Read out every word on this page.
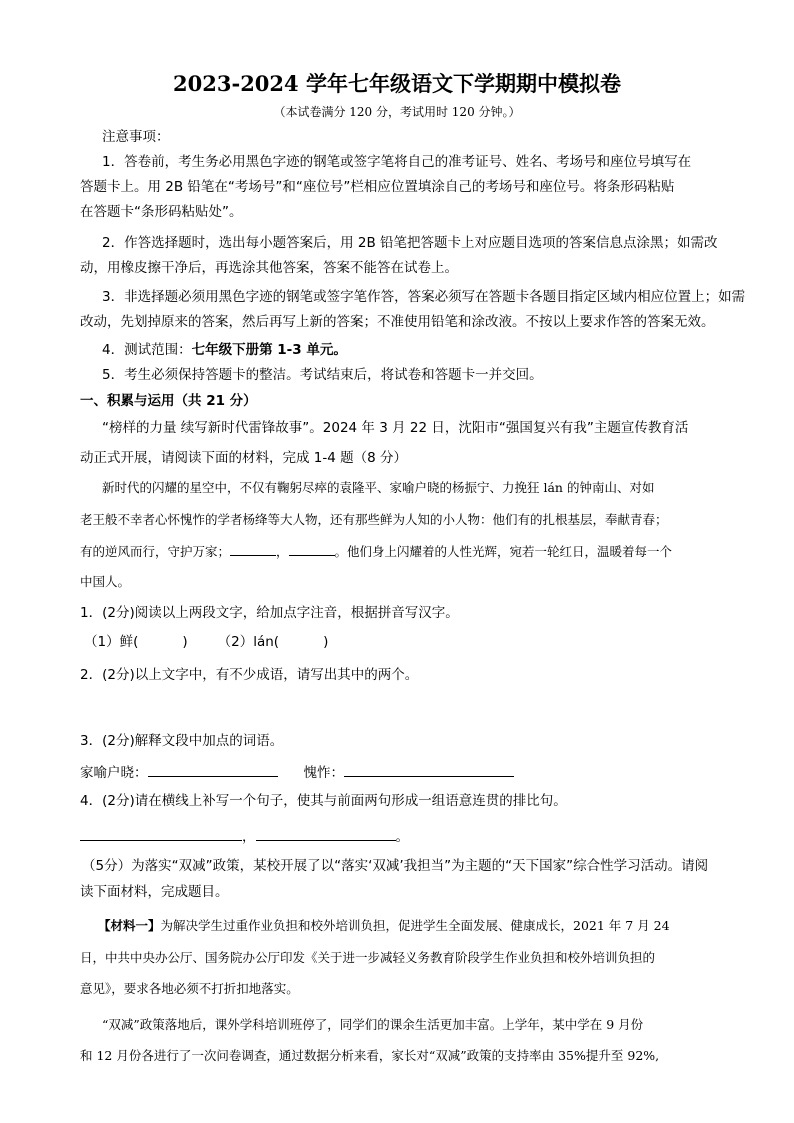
2023-2024 学年七年级语文下学期期中模拟卷
（本试卷满分 120 分，考试用时 120 分钟。）
注意事项：
1．答卷前，考生务必用黑色字迹的钢笔或签字笔将自己的准考证号、姓名、考场号和座位号填写在
答题卡上。用 2B 铅笔在“考场号”和“座位号”栏相应位置填涂自己的考场号和座位号。将条形码粘贴
在答题卡“条形码粘贴处”。
2．作答选择题时，选出每小题答案后，用 2B 铅笔把答题卡上对应题目选项的答案信息点涂黑；如需改
动，用橡皮擦干净后，再选涂其他答案，答案不能答在试卷上。
3．非选择题必须用黑色字迹的钢笔或签字笔作答，答案必须写在答题卡各题目指定区域内相应位置上；如需
改动，先划掉原来的答案，然后再写上新的答案；不准使用铅笔和涂改液。不按以上要求作答的答案无效。
4．测试范围：七年级下册第 1-3 单元。
5．考生必须保持答题卡的整洁。考试结束后，将试卷和答题卡一并交回。
一、积累与运用（共 21 分）
“榜样的力量 续写新时代雷锋故事”。2024 年 3 月 22 日，沈阳市“强国复兴有我”主题宣传教育活
动正式开展，请阅读下面的材料，完成 1-4 题（8 分）
新时代的闪耀的星空中，不仅有鞠躬尽瘁的袁隆平、家喻户晓的杨振宁、力挽狂 lán 的钟南山、对如
老王般不幸者心怀愧怍的学者杨绛等大人物，还有那些鲜为人知的小人物：他们有的扎根基层，奉献青春；
有的逆风而行，守护万家；	，	。他们身上闪耀着的人性光辉，宛若一轮红日，温暖着每一个
中国人。
1．(2分)阅读以上两段文字，给加点字注音，根据拼音写汉字。
（1）鲜(	) （2）lán(	)
2．(2分)以上文字中，有不少成语，请写出其中的两个。
3．(2分)解释文段中加点的词语。
家喻户晓：	愧怍：
4．(2分)请在横线上补写一个句子，使其与前面两句形成一组语意连贯的排比句。
，	。
（5分）为落实“双减”政策，某校开展了以“落实‘双减’我担当”为主题的“天下国家”综合性学习活动。请阅
读下面材料，完成题目。
【材料一】为解决学生过重作业负担和校外培训负担，促进学生全面发展、健康成长，2021 年 7 月 24
日，中共中央办公厅、国务院办公厅印发《关于进一步减轻义务教育阶段学生作业负担和校外培训负担的
意见》，要求各地必须不打折扣地落实。
“双减”政策落地后，课外学科培训班停了，同学们的课余生活更加丰富。上学年，某中学在 9 月份
和 12 月份各进行了一次问卷调查，通过数据分析来看，家长对“双减”政策的支持率由 35%提升至 92%,
